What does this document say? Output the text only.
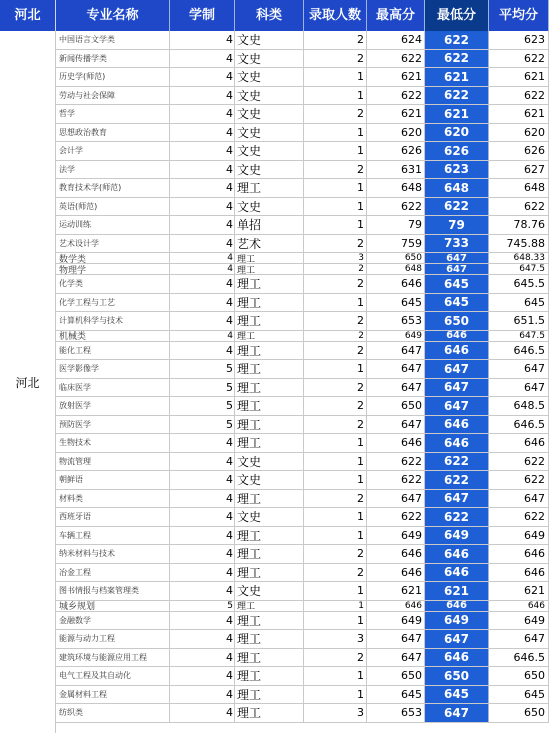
河北	专业名称	学制	科类	录取人数	最高分	最低分	平均分
河北
中国语言文学类	4 文史	2	624	622	623
新闻传播学类	4 文史	2	622	622	622
历史学(师范)	4 文史	1	621	621	621
劳动与社会保障	4 文史	1	622	622	622
哲学	4 文史	2	621	621	621
思想政治教育	4 文史	1	620	620	620
会计学	4 文史	1	626	626	626
法学	4 文史	2	631	623	627
教育技术学(师范)	4 理工	1	648	648	648
英语(师范)	4 文史	1	622	622	622
运动训练	4 单招	1	79	79	78.76
艺术设计学	4 艺术	2	759	733	745.88
数学类	4 理工	3	650	647	648.33
物理学	4 理工	2	648	647	647.5
化学类	4 理工	2	646	645	645.5
化学工程与工艺	4 理工	1	645	645	645
计算机科学与技术	4 理工	2	653	650	651.5
机械类	4 理工	2	649	646	647.5
能化工程	4 理工	2	647	646	646.5
医学影像学	5 理工	1	647	647	647
临床医学	5 理工	2	647	647	647
放射医学	5 理工	2	650	647	648.5
预防医学	5 理工	2	647	646	646.5
生物技术	4 理工	1	646	646	646
物流管理	4 文史	1	622	622	622
朝鲜语	4 文史	1	622	622	622
材料类	4 理工	2	647	647	647
西班牙语	4 文史	1	622	622	622
车辆工程	4 理工	1	649	649	649
纳米材料与技术	4 理工	2	646	646	646
冶金工程	4 理工	2	646	646	646
图书情报与档案管理类	4 文史	1	621	621	621
城乡规划	5 理工	1	646	646	646
金融数学	4 理工	1	649	649	649
能源与动力工程	4 理工	3	647	647	647
建筑环境与能源应用工程	4 理工	2	647	646	646.5
电气工程及其自动化	4 理工	1	650	650	650
金属材料工程	4 理工	1	645	645	645
纺织类	4 理工	3	653	647	650
